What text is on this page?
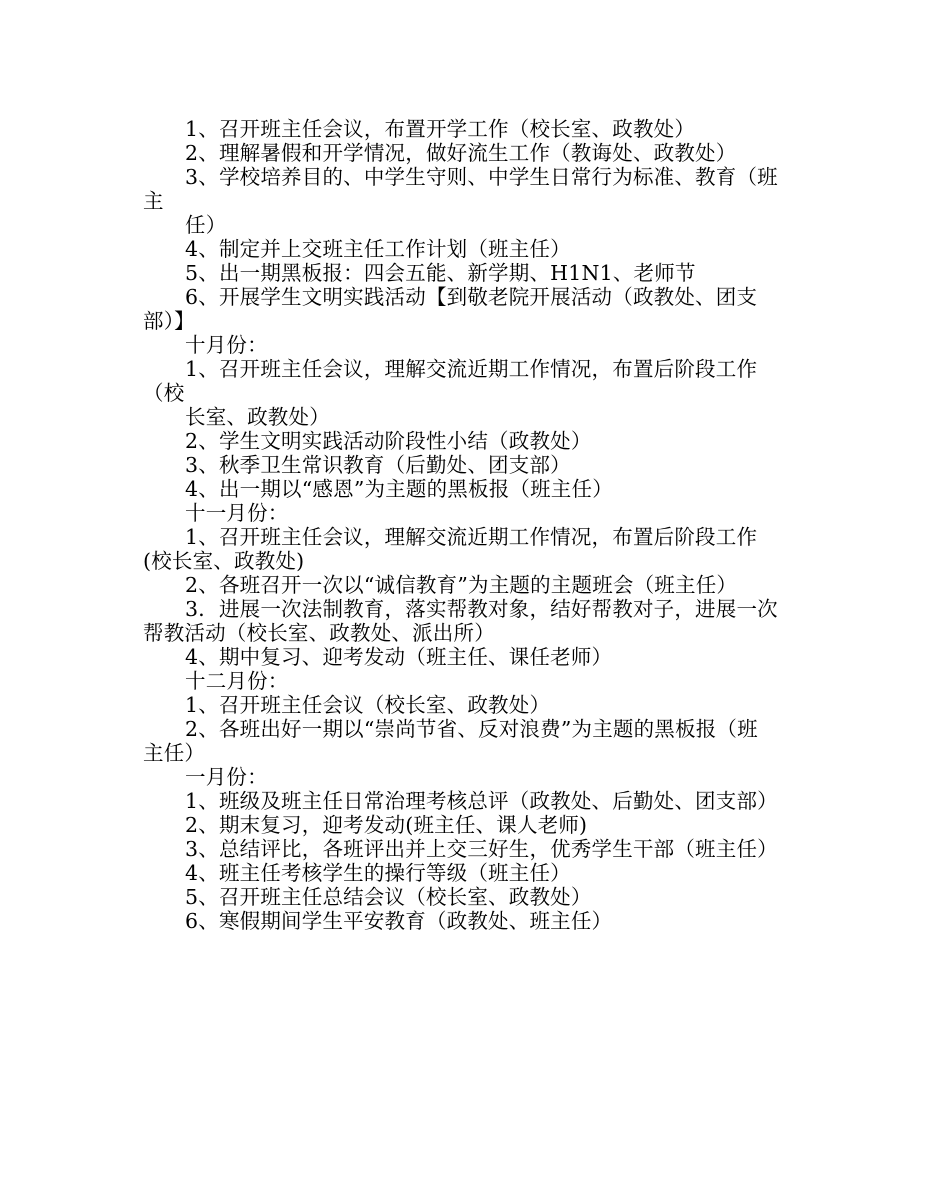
1、召开班主任会议，布置开学工作（校长室、政教处）
2、理解暑假和开学情况，做好流生工作（教诲处、政教处）
3、学校培养目的、中学生守则、中学生日常行为标准、教育（班
主
任）
4、制定并上交班主任工作计划（班主任）
5、出一期黑板报：四会五能、新学期、H1N1、老师节
6、开展学生文明实践活动【到敬老院开展活动（政教处、团支
部）】
十月份：
1、召开班主任会议，理解交流近期工作情况，布置后阶段工作
（校
长室、政教处）
2、学生文明实践活动阶段性小结（政教处）
3、秋季卫生常识教育（后勤处、团支部）
4、出一期以“感恩”为主题的黑板报（班主任）
十一月份：
1、召开班主任会议，理解交流近期工作情况，布置后阶段工作
(校长室、政教处)
2、各班召开一次以“诚信教育”为主题的主题班会（班主任）
3．进展一次法制教育，落实帮教对象，结好帮教对子，进展一次
帮教活动（校长室、政教处、派出所）
4、期中复习、迎考发动（班主任、课任老师）
十二月份：
1、召开班主任会议（校长室、政教处）
2、各班出好一期以“崇尚节省、反对浪费”为主题的黑板报（班
主任）
一月份：
1、班级及班主任日常治理考核总评（政教处、后勤处、团支部）
2、期末复习，迎考发动(班主任、课人老师)
3、总结评比，各班评出并上交三好生，优秀学生干部（班主任）
4、班主任考核学生的操行等级（班主任）
5、召开班主任总结会议（校长室、政教处）
6、寒假期间学生平安教育（政教处、班主任）
